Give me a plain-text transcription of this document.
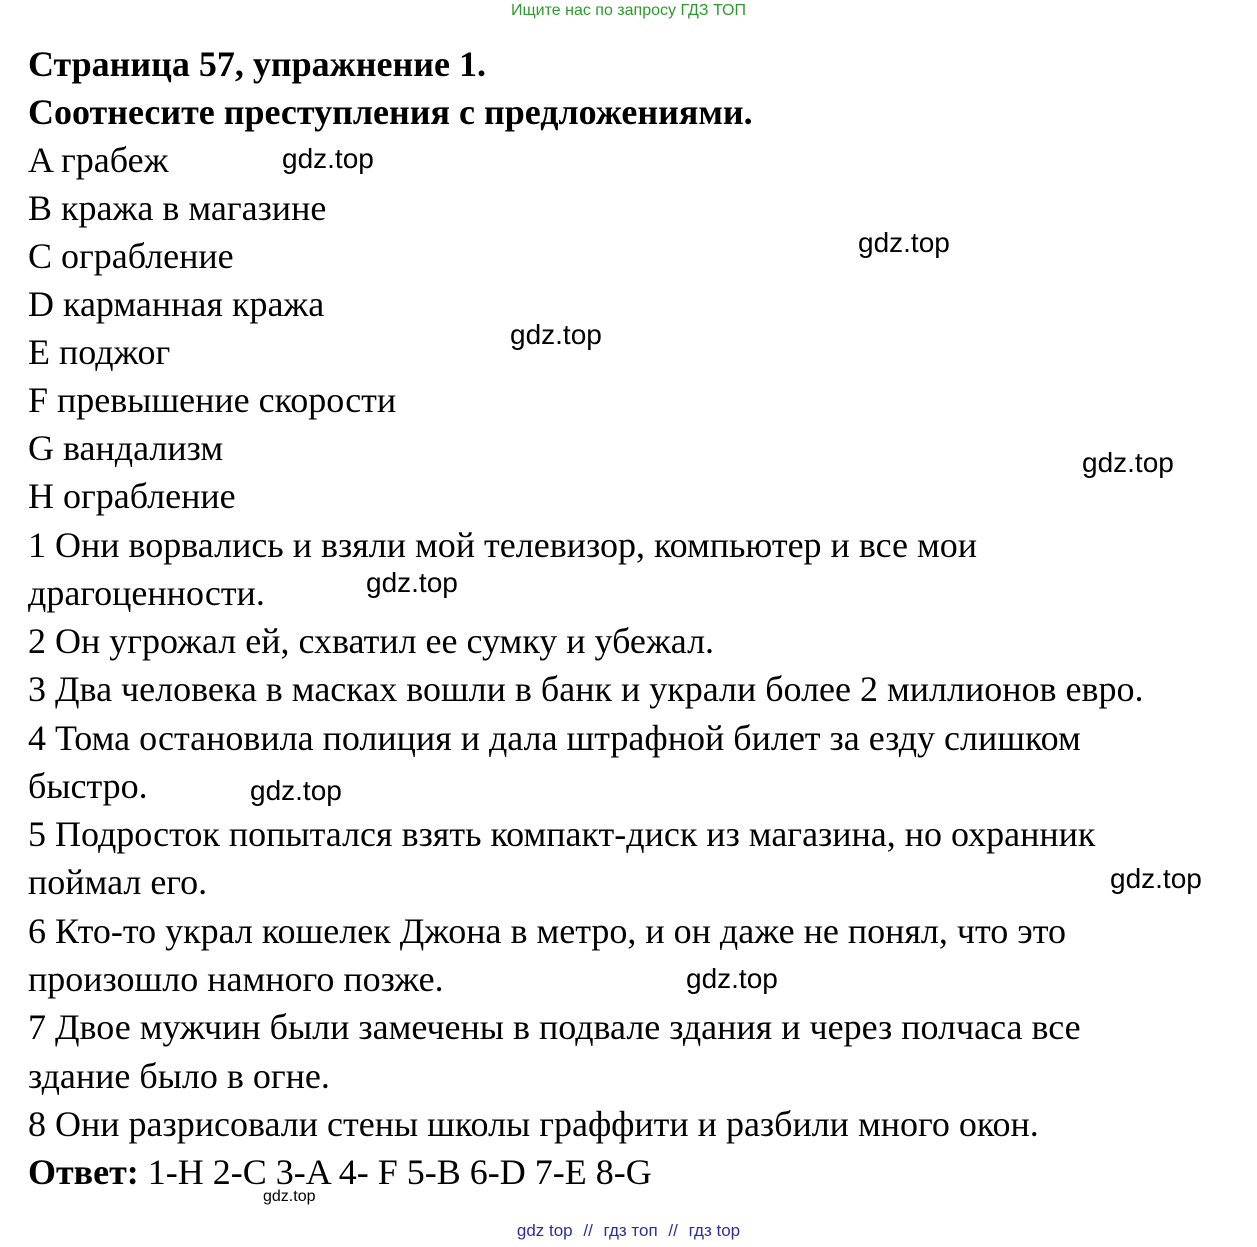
Ищите нас по запросу ГДЗ ТОП
Страница 57, упражнение 1.
Соотнесите преступления с предложениями.
A грабеж
B кража в магазине
C ограбление
D карманная кража
E поджог
F превышение скорости
G вандализм
H ограбление
1 Они ворвались и взяли мой телевизор, компьютер и все мои
драгоценности.
2 Он угрожал ей, схватил ее сумку и убежал.
3 Два человека в масках вошли в банк и украли более 2 миллионов евро.
4 Тома остановила полиция и дала штрафной билет за езду слишком
быстро.
5 Подросток попытался взять компакт-диск из магазина, но охранник
поймал его.
6 Кто-то украл кошелек Джона в метро, и он даже не понял, что это
произошло намного позже.
7 Двое мужчин были замечены в подвале здания и через полчаса все
здание было в огне.
8 Они разрисовали стены школы граффити и разбили много окон.
Ответ: 1-H 2-C 3-A 4- F 5-B 6-D 7-E 8-G
gdz.top
gdz.top
gdz.top
gdz.top
gdz.top
gdz.top
gdz.top
gdz.top
gdz.top
gdz top // гдз топ // гдз top
